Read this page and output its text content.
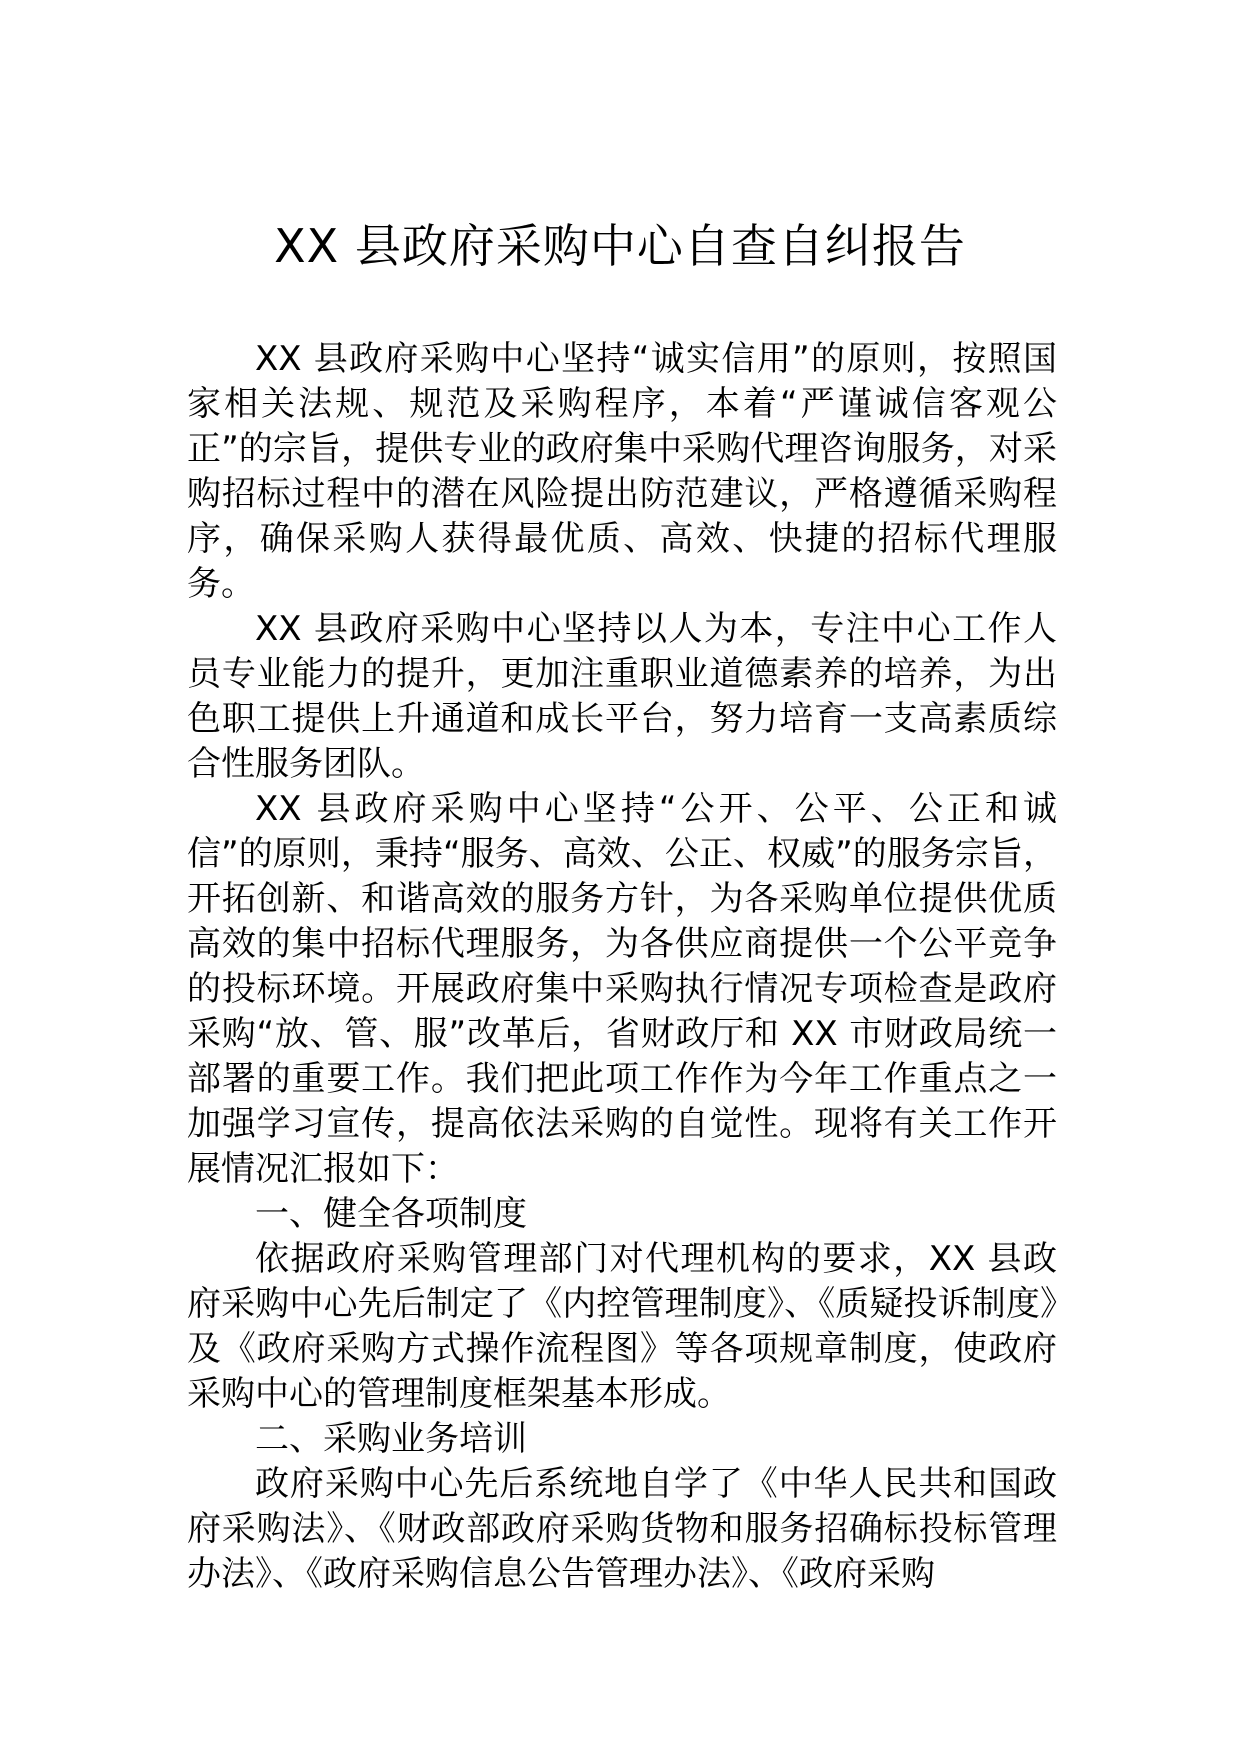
XX 县政府采购中心自查自纠报告

XX 县政府采购中心坚持“诚实信用”的原则，按照国家相关法规、规范及采购程序，本着“严谨诚信客观公正”的宗旨，提供专业的政府集中采购代理咨询服务，对采购招标过程中的潜在风险提出防范建议，严格遵循采购程序，确保采购人获得最优质、高效、快捷的招标代理服务。

XX 县政府采购中心坚持以人为本，专注中心工作人员专业能力的提升，更加注重职业道德素养的培养，为出色职工提供上升通道和成长平台，努力培育一支高素质综合性服务团队。

XX 县政府采购中心坚持“公开、公平、公正和诚信”的原则，秉持“服务、高效、公正、权威”的服务宗旨，开拓创新、和谐高效的服务方针，为各采购单位提供优质高效的集中招标代理服务，为各供应商提供一个公平竞争的投标环境。开展政府集中采购执行情况专项检查是政府采购“放、管、服”改革后，省财政厅和 XX 市财政局统一部署的重要工作。我们把此项工作作为今年工作重点之一加强学习宣传，提高依法采购的自觉性。现将有关工作开展情况汇报如下：

一、健全各项制度

依据政府采购管理部门对代理机构的要求，XX 县政府采购中心先后制定了《内控管理制度》、《质疑投诉制度》及《政府采购方式操作流程图》等各项规章制度，使政府采购中心的管理制度框架基本形成。

二、采购业务培训

政府采购中心先后系统地自学了《中华人民共和国政府采购法》、《财政部政府采购货物和服务招确标投标管理办法》、《政府采购信息公告管理办法》、《政府采购
